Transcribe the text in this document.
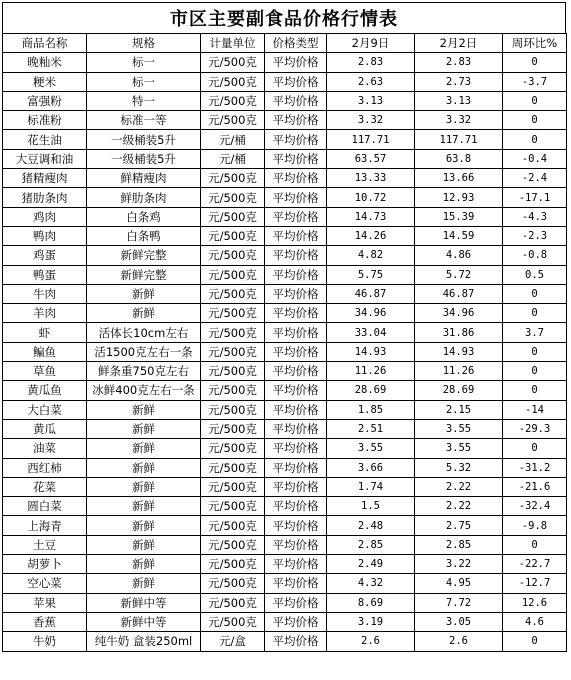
市区主要副食品价格行情表
商品名称	规格	计量单位	价格类型	2月9日	2月2日	周环比%
晚籼米	标一	元/500克	平均价格	2.83	2.83	0
粳米	标一	元/500克	平均价格	2.63	2.73	-3.7
富强粉	特一	元/500克	平均价格	3.13	3.13	0
标准粉	标准一等	元/500克	平均价格	3.32	3.32	0
花生油	一级桶装5升	元/桶	平均价格	117.71	117.71	0
大豆调和油	一级桶装5升	元/桶	平均价格	63.57	63.8	-0.4
猪精瘦肉	鲜精瘦肉	元/500克	平均价格	13.33	13.66	-2.4
猪肋条肉	鲜肋条肉	元/500克	平均价格	10.72	12.93	-17.1
鸡肉	白条鸡	元/500克	平均价格	14.73	15.39	-4.3
鸭肉	白条鸭	元/500克	平均价格	14.26	14.59	-2.3
鸡蛋	新鲜完整	元/500克	平均价格	4.82	4.86	-0.8
鸭蛋	新鲜完整	元/500克	平均价格	5.75	5.72	0.5
牛肉	新鲜	元/500克	平均价格	46.87	46.87	0
羊肉	新鲜	元/500克	平均价格	34.96	34.96	0
虾	活体长10cm左右	元/500克	平均价格	33.04	31.86	3.7
鳊鱼	活1500克左右一条	元/500克	平均价格	14.93	14.93	0
草鱼	鲜条重750克左右	元/500克	平均价格	11.26	11.26	0
黄瓜鱼	冰鲜400克左右一条	元/500克	平均价格	28.69	28.69	0
大白菜	新鲜	元/500克	平均价格	1.85	2.15	-14
黄瓜	新鲜	元/500克	平均价格	2.51	3.55	-29.3
油菜	新鲜	元/500克	平均价格	3.55	3.55	0
西红柿	新鲜	元/500克	平均价格	3.66	5.32	-31.2
花菜	新鲜	元/500克	平均价格	1.74	2.22	-21.6
圆白菜	新鲜	元/500克	平均价格	1.5	2.22	-32.4
上海青	新鲜	元/500克	平均价格	2.48	2.75	-9.8
土豆	新鲜	元/500克	平均价格	2.85	2.85	0
胡萝卜	新鲜	元/500克	平均价格	2.49	3.22	-22.7
空心菜	新鲜	元/500克	平均价格	4.32	4.95	-12.7
苹果	新鲜中等	元/500克	平均价格	8.69	7.72	12.6
香蕉	新鲜中等	元/500克	平均价格	3.19	3.05	4.6
牛奶	纯牛奶 盒装250ml	元/盒	平均价格	2.6	2.6	0
